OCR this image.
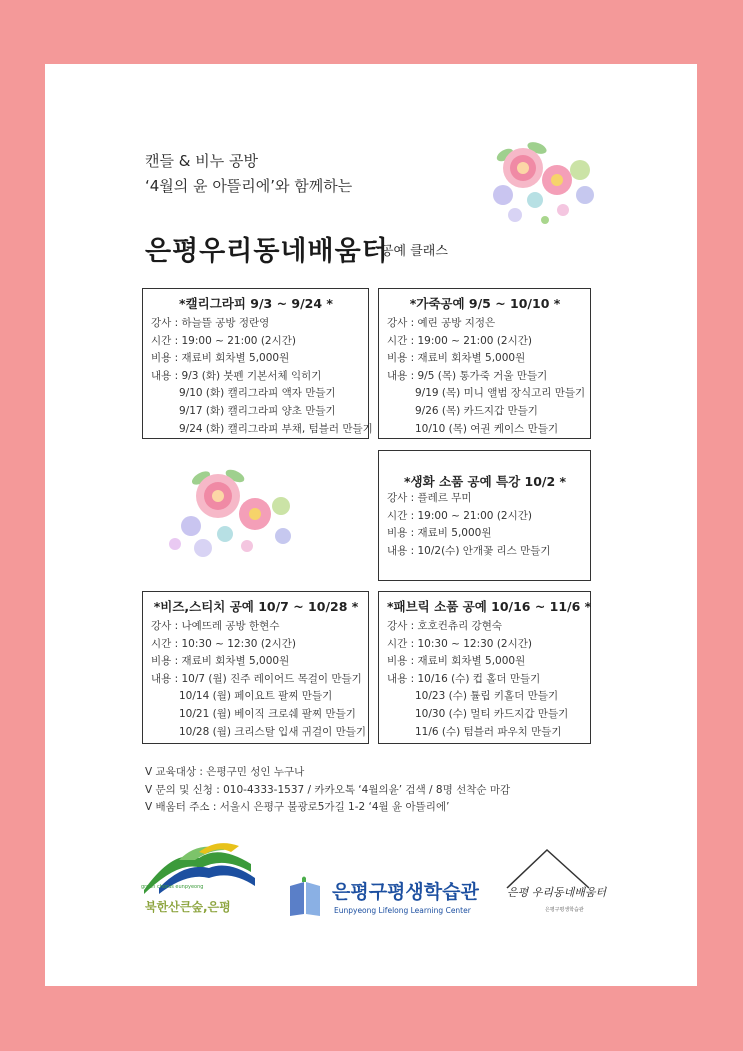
캔들 & 비누 공방
‘4월의 윤 아뜰리에’와 함께하는
은평우리동네배움터
공예 클래스
*캘리그라피 9/3 ~ 9/24 *
강사 : 하늘뜰 공방 정란영
시간 : 19:00 ~ 21:00 (2시간)
비용 : 재료비 회차별 5,000원
내용 : 9/3 (화) 붓펜 기본서체 익히기
9/10 (화) 캘리그라피 액자 만들기
9/17 (화) 캘리그라피 양초 만들기
9/24 (화) 캘리그라피 부채, 텀블러 만들기
*가죽공예 9/5 ~ 10/10 *
강사 : 예린 공방 지정은
시간 : 19:00 ~ 21:00 (2시간)
비용 : 재료비 회차별 5,000원
내용 : 9/5 (목) 통가죽 거울 만들기
9/19 (목) 미니 앨범 장식고리 만들기
9/26 (목) 카드지갑 만들기
10/10 (목) 여권 케이스 만들기
*생화 소품 공예 특강 10/2 *
강사 : 플레르 무미
시간 : 19:00 ~ 21:00 (2시간)
비용 : 재료비 5,000원
내용 : 10/2(수) 안개꽃 리스 만들기
*비즈,스티치 공예 10/7 ~ 10/28 *
강사 : 나예뜨레 공방 한현수
시간 : 10:30 ~ 12:30 (2시간)
비용 : 재료비 회차별 5,000원
내용 : 10/7 (월) 진주 레이어드 목걸이 만들기
10/14 (월) 페이요트 팔찌 만들기
10/21 (월) 베이직 크로쉐 팔찌 만들기
10/28 (월) 크리스탈 입새 귀걸이 만들기
*패브릭 소품 공예 10/16 ~ 11/6 *
강사 : 호호컨츄리 강현숙
시간 : 10:30 ~ 12:30 (2시간)
비용 : 재료비 회차별 5,000원
내용 : 10/16 (수) 컵 홀더 만들기
10/23 (수) 튤립 키홀더 만들기
10/30 (수) 멀티 카드지갑 만들기
11/6 (수) 텀블러 파우치 만들기
V 교육대상 : 은평구민 성인 누구나
V 문의 및 신청 : 010-4333-1537 / 카카오톡 ‘4월의윤’ 검색 / 8명 선착순 마감
V 배움터 주소 : 서울시 은평구 불광로5가길 1-2 ‘4월 윤 아뜰리에’
green chorus eunpyeong
북한산큰숲,은평
은평구평생학습관
Eunpyeong Lifelong Learning Center
은평 우리동네배움터
은평구평생학습관
